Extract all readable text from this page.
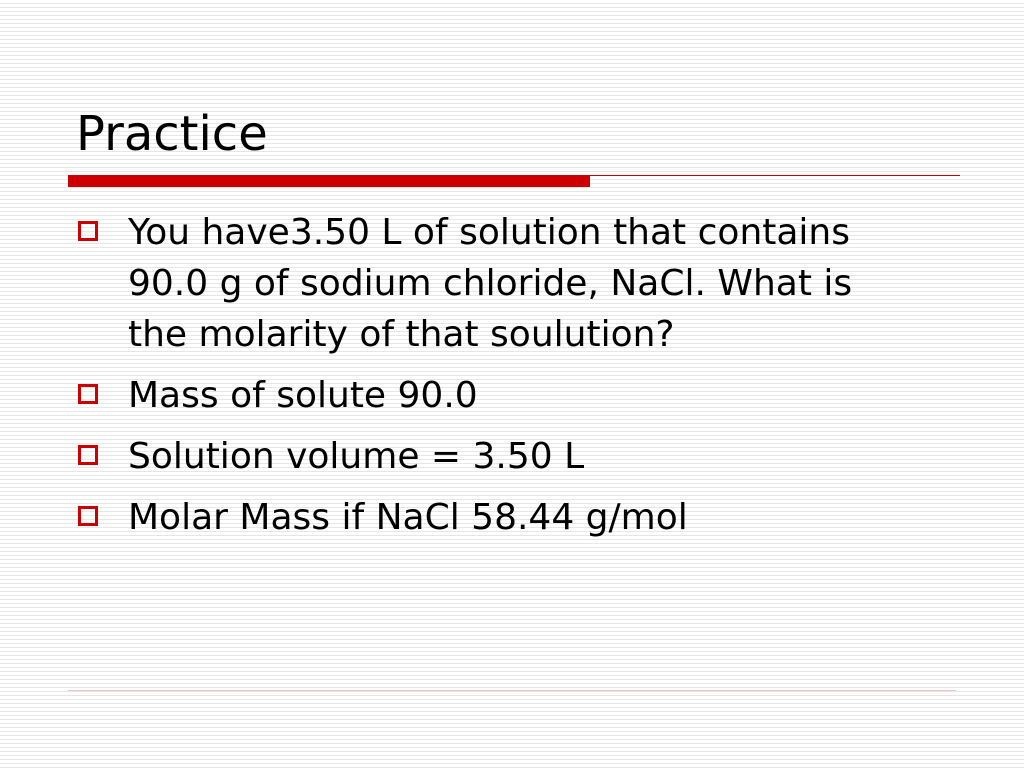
Practice
You have3.50 L of solution that contains 90.0 g of sodium chloride, NaCl. What is the molarity of that soulution?
Mass of solute 90.0
Solution volume = 3.50 L
Molar Mass if NaCl 58.44 g/mol
